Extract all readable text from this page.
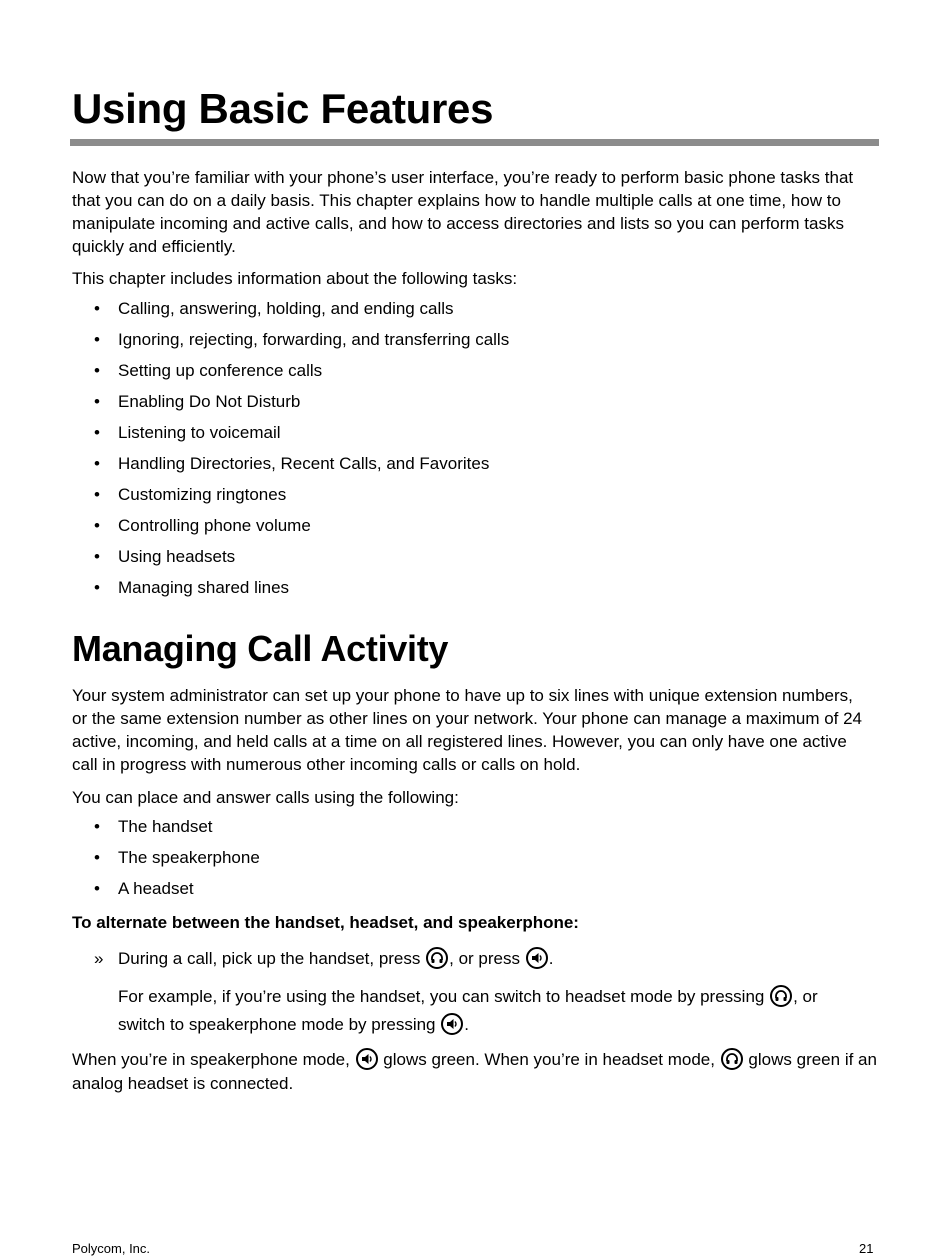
Using Basic Features

Now that you’re familiar with your phone’s user interface, you’re ready to perform basic phone tasks that that you can do on a daily basis. This chapter explains how to handle multiple calls at one time, how to manipulate incoming and active calls, and how to access directories and lists so you can perform tasks quickly and efficiently.

This chapter includes information about the following tasks:

• Calling, answering, holding, and ending calls
• Ignoring, rejecting, forwarding, and transferring calls
• Setting up conference calls
• Enabling Do Not Disturb
• Listening to voicemail
• Handling Directories, Recent Calls, and Favorites
• Customizing ringtones
• Controlling phone volume
• Using headsets
• Managing shared lines
Managing Call Activity

Your system administrator can set up your phone to have up to six lines with unique extension numbers, or the same extension number as other lines on your network. Your phone can manage a maximum of 24 active, incoming, and held calls at a time on all registered lines. However, you can only have one active call in progress with numerous other incoming calls or calls on hold.

You can place and answer calls using the following:

• The handset
• The speakerphone
• A headset

To alternate between the handset, headset, and speakerphone:

» During a call, pick up the handset, press
, or press
.
For example, if you’re using the handset, you can switch to headset mode by pressing
, or switch to speakerphone mode by pressing
.
When you’re in speakerphone mode,
glows green. When you’re in headset mode,
glows green if an analog headset is connected.
Polycom, Inc.	21
